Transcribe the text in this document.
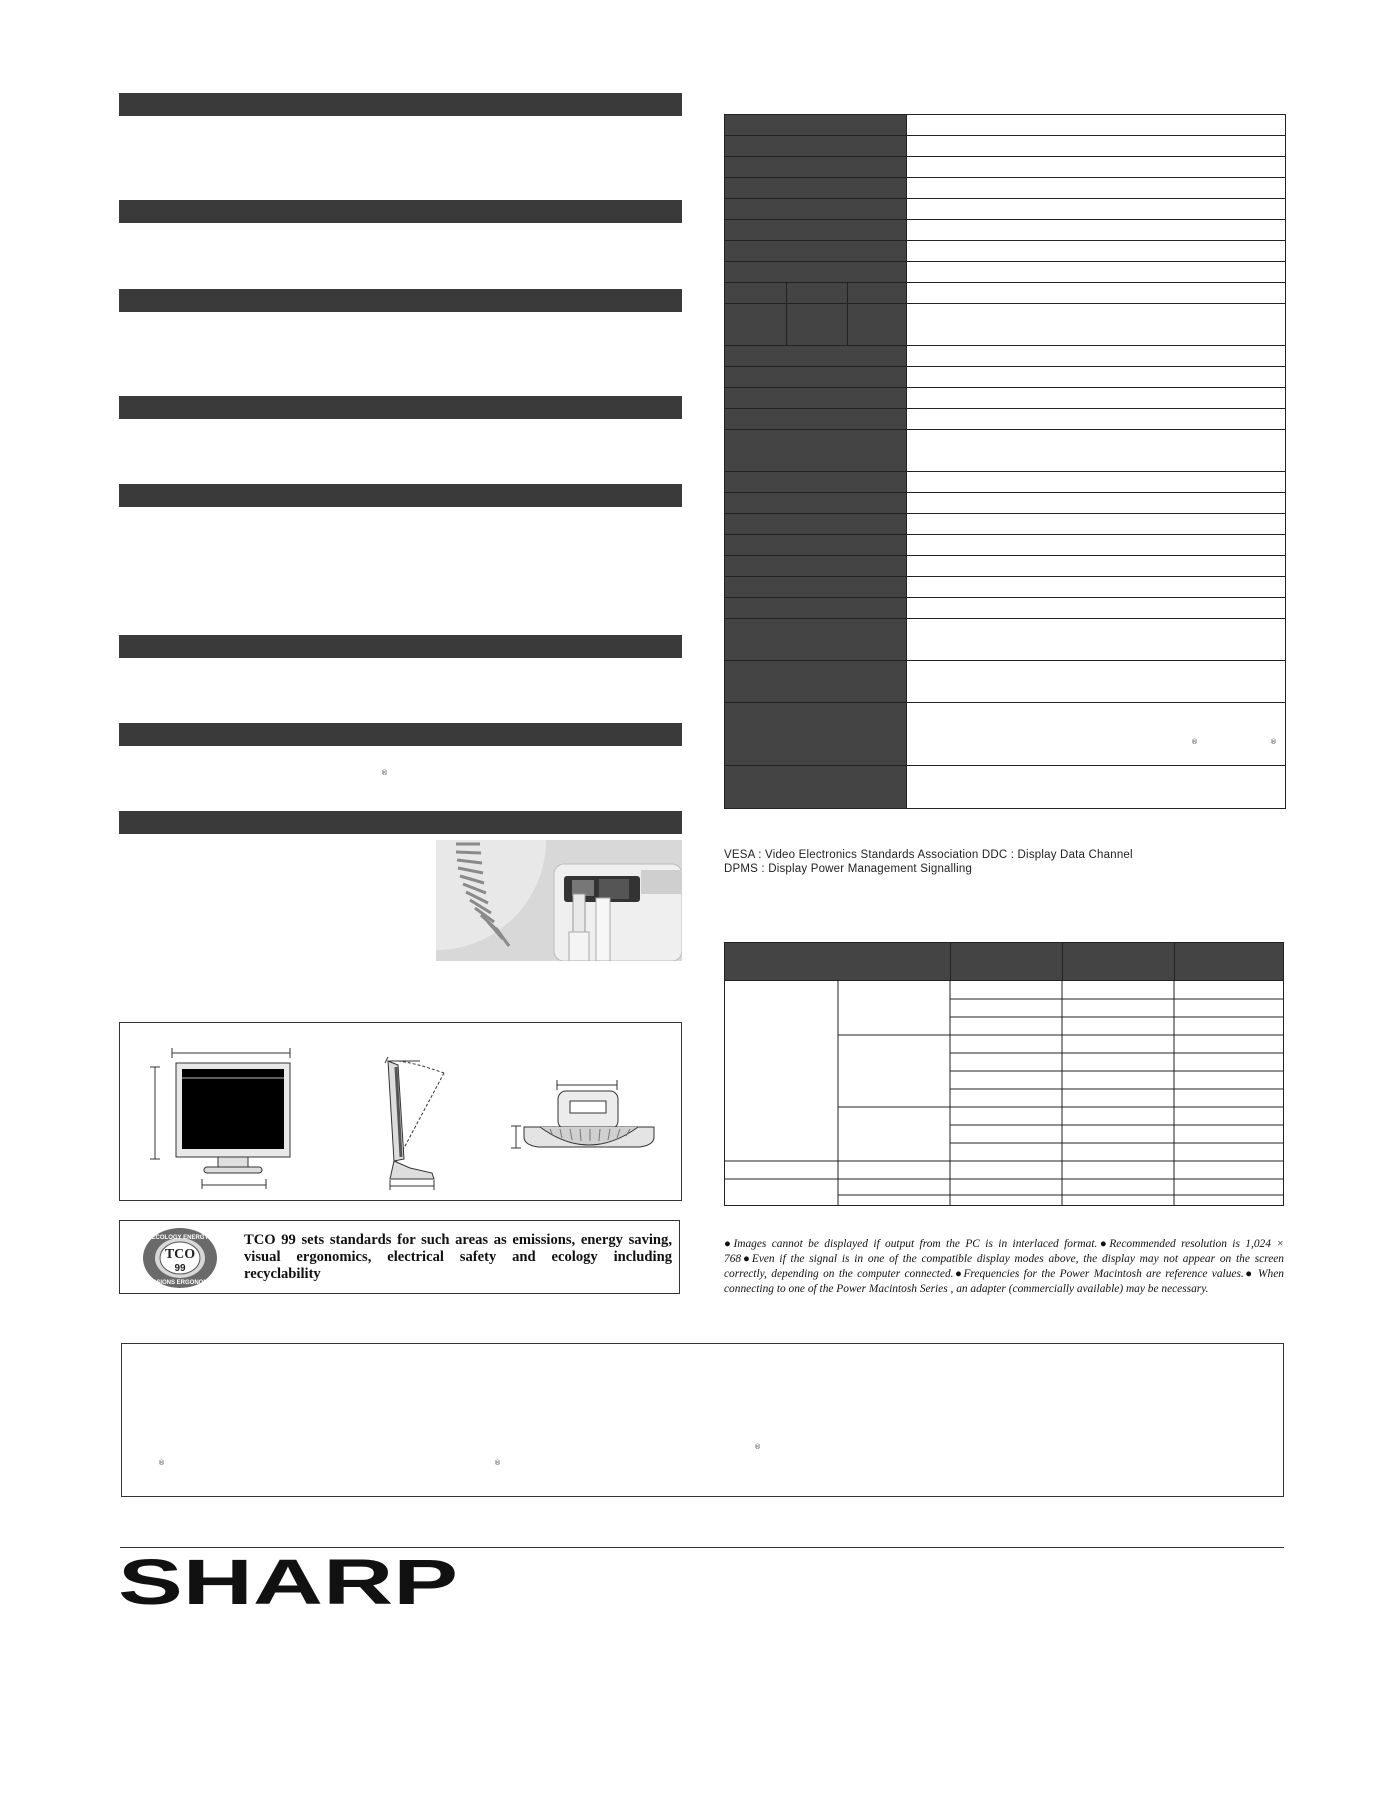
®
TCO
99
ECOLOGY ENERGY
EMISSIONS ERGONOMICS
TCO 99 sets standards for such areas as emissions, energy saving, visual ergonomics, electrical safety and ecology including recyclability
®	®
VESA : Video Electronics Standards Association DDC : Display Data Channel
DPMS : Display Power Management Signalling
●Images cannot be displayed if output from the PC is in interlaced format.●Recommended resolution is 1,024 × 768●Even if the signal is in one of the compatible display modes above, the display may not appear on the screen correctly, depending on the computer connected.●Frequencies for the Power Macintosh are reference values.● When connecting to one of the Power Macintosh Series , an adapter (commercially available) may be necessary.
®
®	®
SHARP
